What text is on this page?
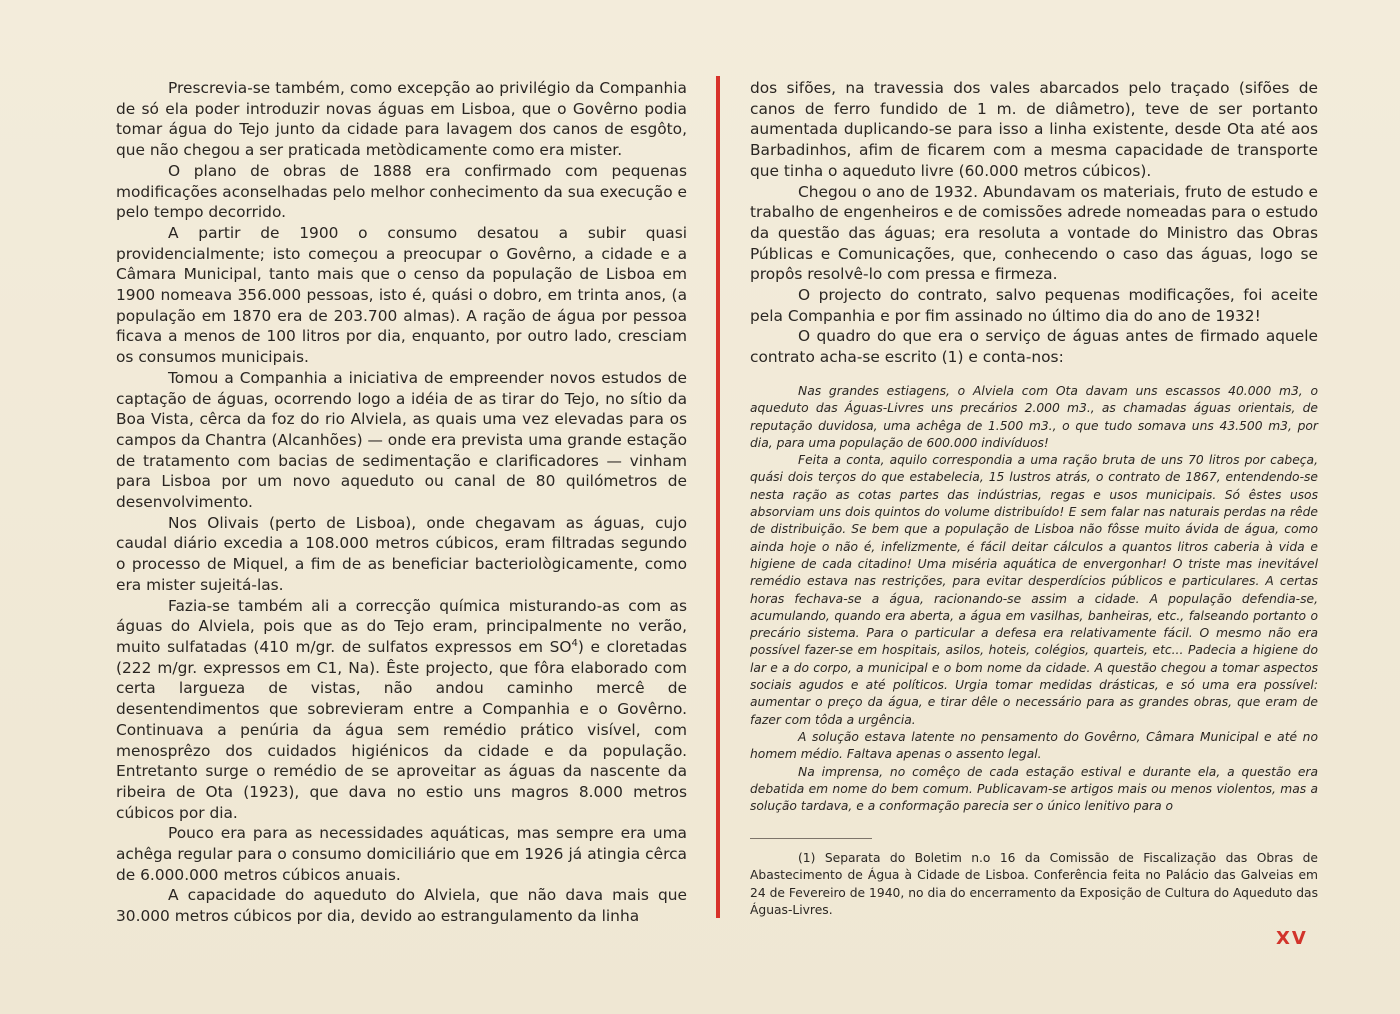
Prescrevia-se também, como excepção ao privilégio da Companhia de só ela poder introduzir novas águas em Lisboa, que o Govêrno podia tomar água do Tejo junto da cidade para lavagem dos canos de esgôto, que não chegou a ser praticada metòdicamente como era mister.

O plano de obras de 1888 era confirmado com pequenas modificações aconselhadas pelo melhor conhecimento da sua execução e pelo tempo decorrido.

A partir de 1900 o consumo desatou a subir quasi providencialmente; isto começou a preocupar o Govêrno, a cidade e a Câmara Municipal, tanto mais que o censo da população de Lisboa em 1900 nomeava 356.000 pessoas, isto é, quási o dobro, em trinta anos, (a população em 1870 era de 203.700 almas). A ração de água por pessoa ficava a menos de 100 litros por dia, enquanto, por outro lado, cresciam os consumos municipais.

Tomou a Companhia a iniciativa de empreender novos estudos de captação de águas, ocorrendo logo a idéia de as tirar do Tejo, no sítio da Boa Vista, cêrca da foz do rio Alviela, as quais uma vez elevadas para os campos da Chantra (Alcanhões) — onde era prevista uma grande estação de tratamento com bacias de sedimentação e clarificadores — vinham para Lisboa por um novo aqueduto ou canal de 80 quilómetros de desenvolvimento.

Nos Olivais (perto de Lisboa), onde chegavam as águas, cujo caudal diário excedia a 108.000 metros cúbicos, eram filtradas segundo o processo de Miquel, a fim de as beneficiar bacteriològicamente, como era mister sujeitá-las.

Fazia-se também ali a correcção química misturando-as com as águas do Alviela, pois que as do Tejo eram, principalmente no verão, muito sulfatadas (410 m/gr. de sulfatos expressos em $SO^4$) e cloretadas (222 m/gr. expressos em C1, Na). Êste projecto, que fôra elaborado com certa largueza de vistas, não andou caminho mercê de desentendimentos que sobrevieram entre a Companhia e o Govêrno. Continuava a penúria da água sem remédio prático visível, com menosprêzo dos cuidados higiénicos da cidade e da população. Entretanto surge o remédio de se aproveitar as águas da nascente da ribeira de Ota (1923), que dava no estio uns magros 8.000 metros cúbicos por dia.

Pouco era para as necessidades aquáticas, mas sempre era uma achêga regular para o consumo domiciliário que em 1926 já atingia cêrca de 6.000.000 metros cúbicos anuais.

A capacidade do aqueduto do Alviela, que não dava mais que 30.000 metros cúbicos por dia, devido ao estrangulamento da linha

dos sifões, na travessia dos vales abarcados pelo traçado (sifões de canos de ferro fundido de 1 m. de diâmetro), teve de ser portanto aumentada duplicando-se para isso a linha existente, desde Ota até aos Barbadinhos, afim de ficarem com a mesma capacidade de transporte que tinha o aqueduto livre (60.000 metros cúbicos).

Chegou o ano de 1932. Abundavam os materiais, fruto de estudo e trabalho de engenheiros e de comissões adrede nomeadas para o estudo da questão das águas; era resoluta a vontade do Ministro das Obras Públicas e Comunicações, que, conhecendo o caso das águas, logo se propôs resolvê-lo com pressa e firmeza.

O projecto do contrato, salvo pequenas modificações, foi aceite pela Companhia e por fim assinado no último dia do ano de 1932!

O quadro do que era o serviço de águas antes de firmado aquele contrato acha-se escrito (1) e conta-nos:

Nas grandes estiagens, o Alviela com Ota davam uns escassos 40.000 m3, o aqueduto das Águas-Livres uns precários 2.000 m3., as chamadas águas orientais, de reputação duvidosa, uma achêga de 1.500 m3., o que tudo somava uns 43.500 m3, por dia, para uma população de 600.000 indivíduos!

Feita a conta, aquilo correspondia a uma ração bruta de uns 70 litros por cabeça, quási dois terços do que estabelecia, 15 lustros atrás, o contrato de 1867, entendendo-se nesta ração as cotas partes das indústrias, regas e usos municipais. Só êstes usos absorviam uns dois quintos do volume distribuído! E sem falar nas naturais perdas na rêde de distribuição. Se bem que a população de Lisboa não fôsse muito ávida de água, como ainda hoje o não é, infelizmente, é fácil deitar cálculos a quantos litros caberia à vida e higiene de cada citadino! Uma miséria aquática de envergonhar! O triste mas inevitável remédio estava nas restrições, para evitar desperdícios públicos e particulares. A certas horas fechava-se a água, racionando-se assim a cidade. A população defendia-se, acumulando, quando era aberta, a água em vasilhas, banheiras, etc., falseando portanto o precário sistema. Para o particular a defesa era relativamente fácil. O mesmo não era possível fazer-se em hospitais, asilos, hoteis, colégios, quarteis, etc... Padecia a higiene do lar e a do corpo, a municipal e o bom nome da cidade. A questão chegou a tomar aspectos sociais agudos e até políticos. Urgia tomar medidas drásticas, e só uma era possível: aumentar o preço da água, e tirar dêle o necessário para as grandes obras, que eram de fazer com tôda a urgência.

A solução estava latente no pensamento do Govêrno, Câmara Municipal e até no homem médio. Faltava apenas o assento legal.

Na imprensa, no comêço de cada estação estival e durante ela, a questão era debatida em nome do bem comum. Publicavam-se artigos mais ou menos violentos, mas a solução tardava, e a conformação parecia ser o único lenitivo para o

(1) Separata do Boletim n.o 16 da Comissão de Fiscalização das Obras de Abastecimento de Água à Cidade de Lisboa. Conferência feita no Palácio das Galveias em 24 de Fevereiro de 1940, no dia do encerramento da Exposição de Cultura do Aqueduto das Águas-Livres.

XV
